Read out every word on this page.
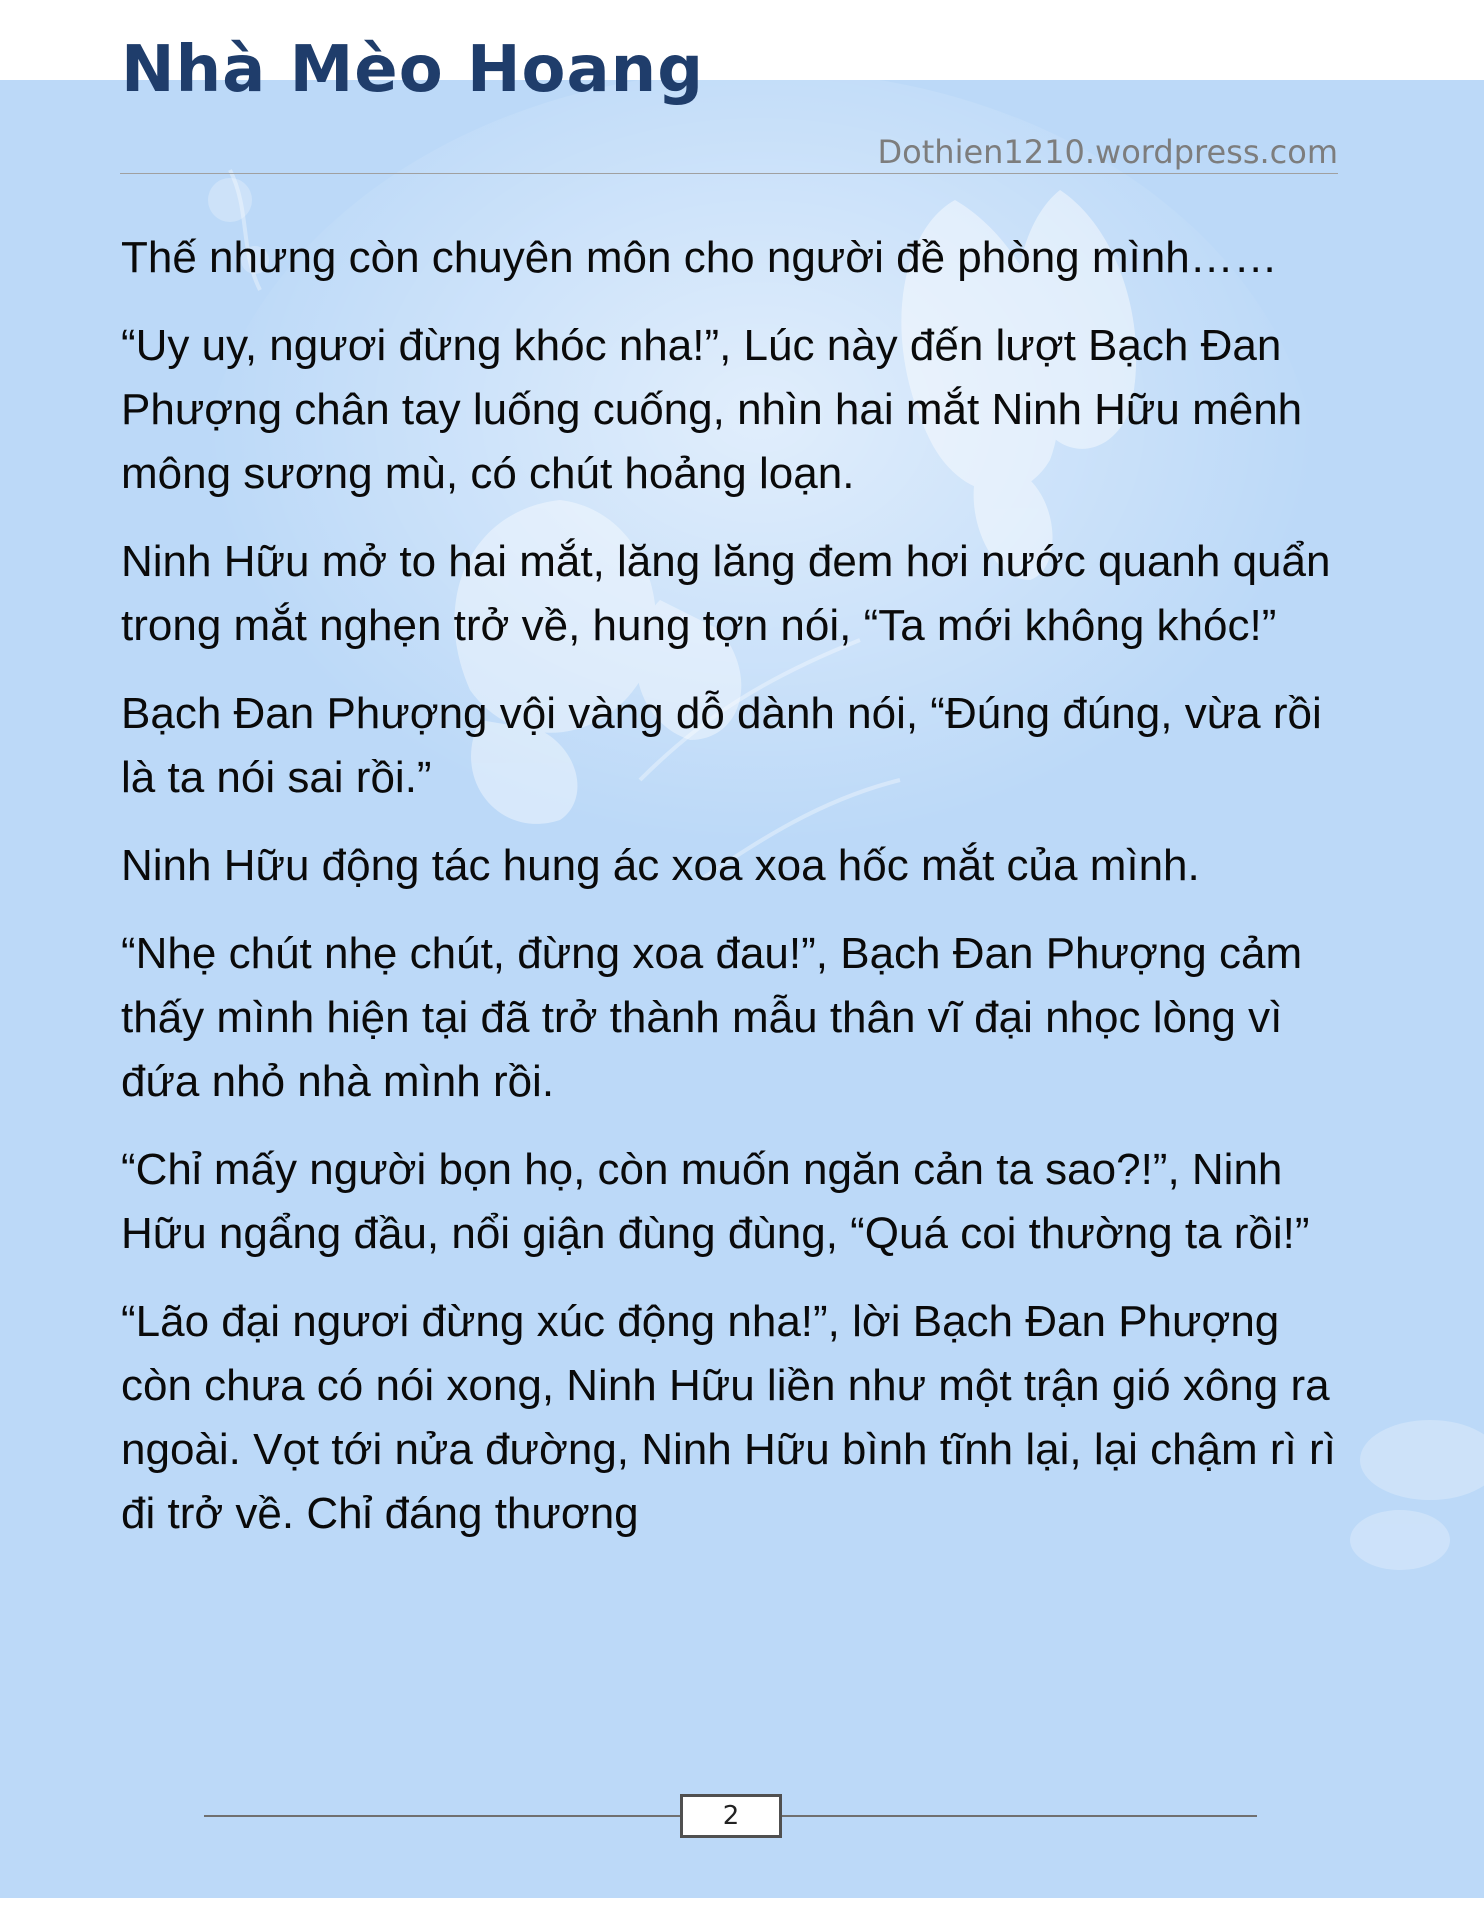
Nhà Mèo Hoang
Dothien1210.wordpress.com

Thế nhưng còn chuyên môn cho người đề phòng mình……

“Uy uy, ngươi đừng khóc nha!”, Lúc này đến lượt Bạch Đan Phượng chân tay luống cuống, nhìn hai mắt Ninh Hữu mênh mông sương mù, có chút hoảng loạn.

Ninh Hữu mở to hai mắt, lăng lăng đem hơi nước quanh quẩn trong mắt nghẹn trở về, hung tợn nói, “Ta mới không khóc!”

Bạch Đan Phượng vội vàng dỗ dành nói, “Đúng đúng, vừa rồi là ta nói sai rồi.”

Ninh Hữu động tác hung ác xoa xoa hốc mắt của mình.

“Nhẹ chút nhẹ chút, đừng xoa đau!”, Bạch Đan Phượng cảm thấy mình hiện tại đã trở thành mẫu thân vĩ đại nhọc lòng vì đứa nhỏ nhà mình rồi.

“Chỉ mấy người bọn họ, còn muốn ngăn cản ta sao?!”, Ninh Hữu ngẩng đầu, nổi giận đùng đùng, “Quá coi thường ta rồi!”

“Lão đại ngươi đừng xúc động nha!”, lời Bạch Đan Phượng còn chưa có nói xong, Ninh Hữu liền như một trận gió xông ra ngoài. Vọt tới nửa đường, Ninh Hữu bình tĩnh lại, lại chậm rì rì đi trở về. Chỉ đáng thương

2
